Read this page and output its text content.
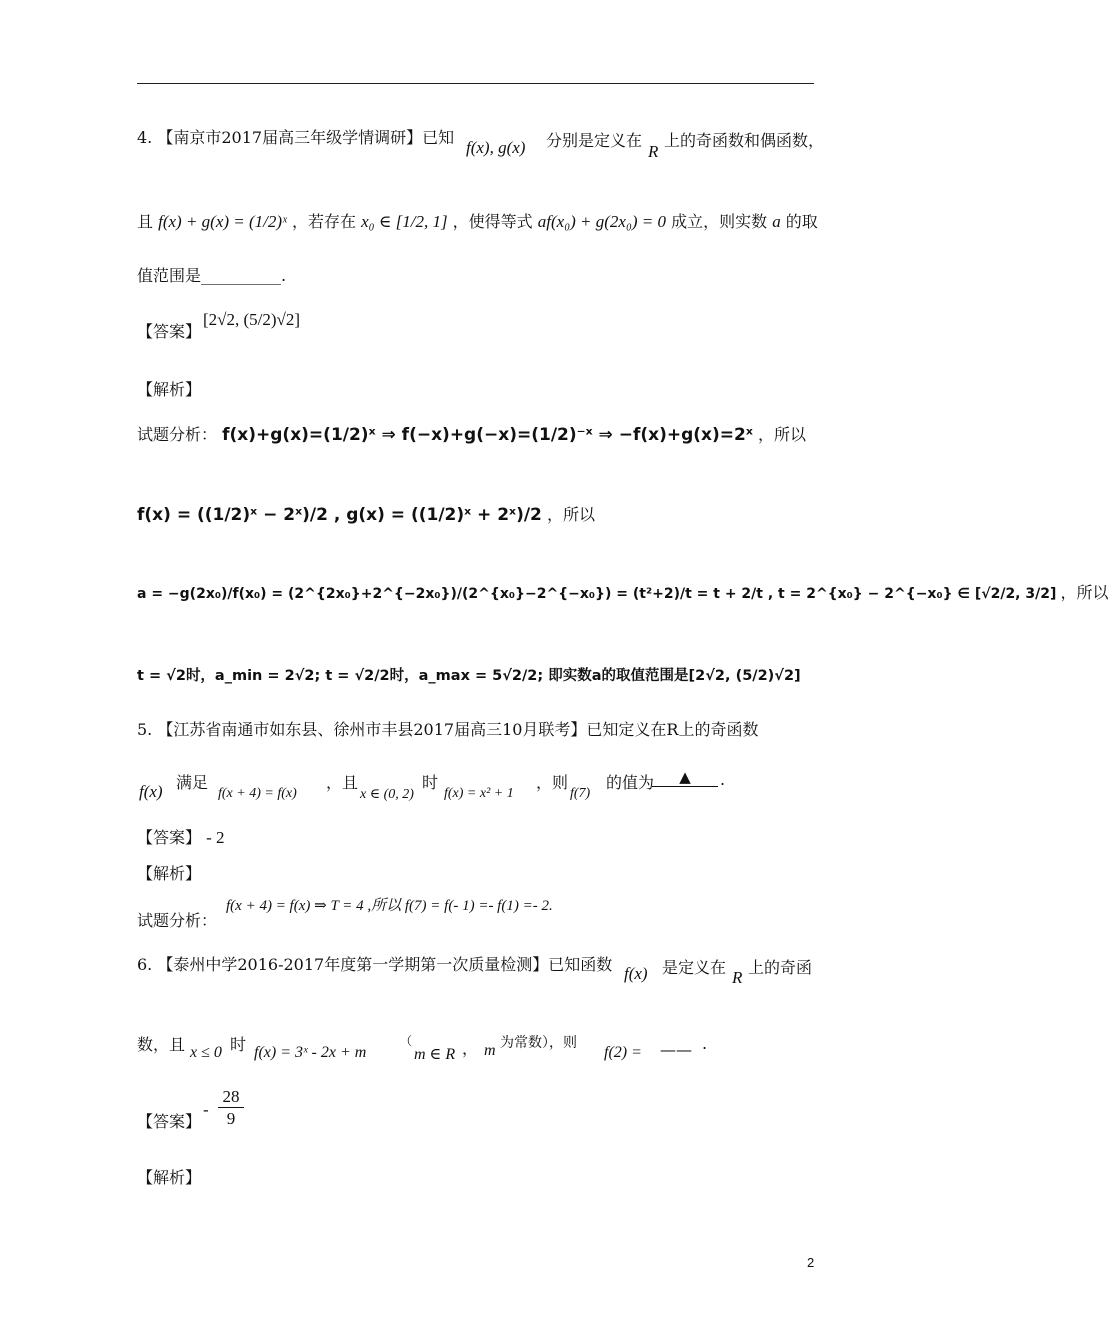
4. 【南京市2017届高三年级学情调研】已知
f(x), g(x) 分别是定义在
R
上的奇函数和偶函数，
且 f(x) + g(x) = (1/2)ˣ ，若存在 x₀ ∈ [1/2, 1] ，使得等式 af(x₀) + g(2x₀) = 0 成立，则实数 a 的取
值范围是__________.
【答案】
[2√2, (5/2)√2]
【解析】
试题分析： f(x)+g(x)=(1/2)ˣ ⇒ f(−x)+g(−x)=(1/2)⁻ˣ ⇒ −f(x)+g(x)=2ˣ ，所以
f(x) = ((1/2)ˣ − 2ˣ)/2 , g(x) = ((1/2)ˣ + 2ˣ)/2 ，所以
a = −g(2x₀)/f(x₀) = (2^{2x₀}+2^{−2x₀})/(2^{x₀}−2^{−x₀}) = (t²+2)/t = t + 2/t , t = 2^{x₀} − 2^{−x₀} ∈ [√2/2, 3/2] ，所以
t = √2时，a_min = 2√2; t = √2/2时，a_max = 5√2/2; 即实数a的取值范围是[2√2, (5/2)√2]
5. 【江苏省南通市如东县、徐州市丰县2017届高三10月联考】已知定义在R上的奇函数
f(x) 满足
f(x + 4) = f(x)
，且
x ∈ (0, 2)
时
f(x) = x² + 1
，则
f(7)
的值为	▲	.
【答案】 - 2
【解析】
试题分析：
f(x + 4) = f(x) ⇒ T = 4 ,所以 f(7) = f(- 1) =- f(1) =- 2.
6. 【泰州中学2016-2017年度第一学期第一次质量检测】已知函数 f(x) 是定义在
R
上的奇函
数，且 x ≤ 0 时 f(x) = 3ˣ - 2x + m
（
m ∈ R ， m 为常数），则
f(2) = —— .
【答案】
- $\frac{28}{9}$
【解析】
2
